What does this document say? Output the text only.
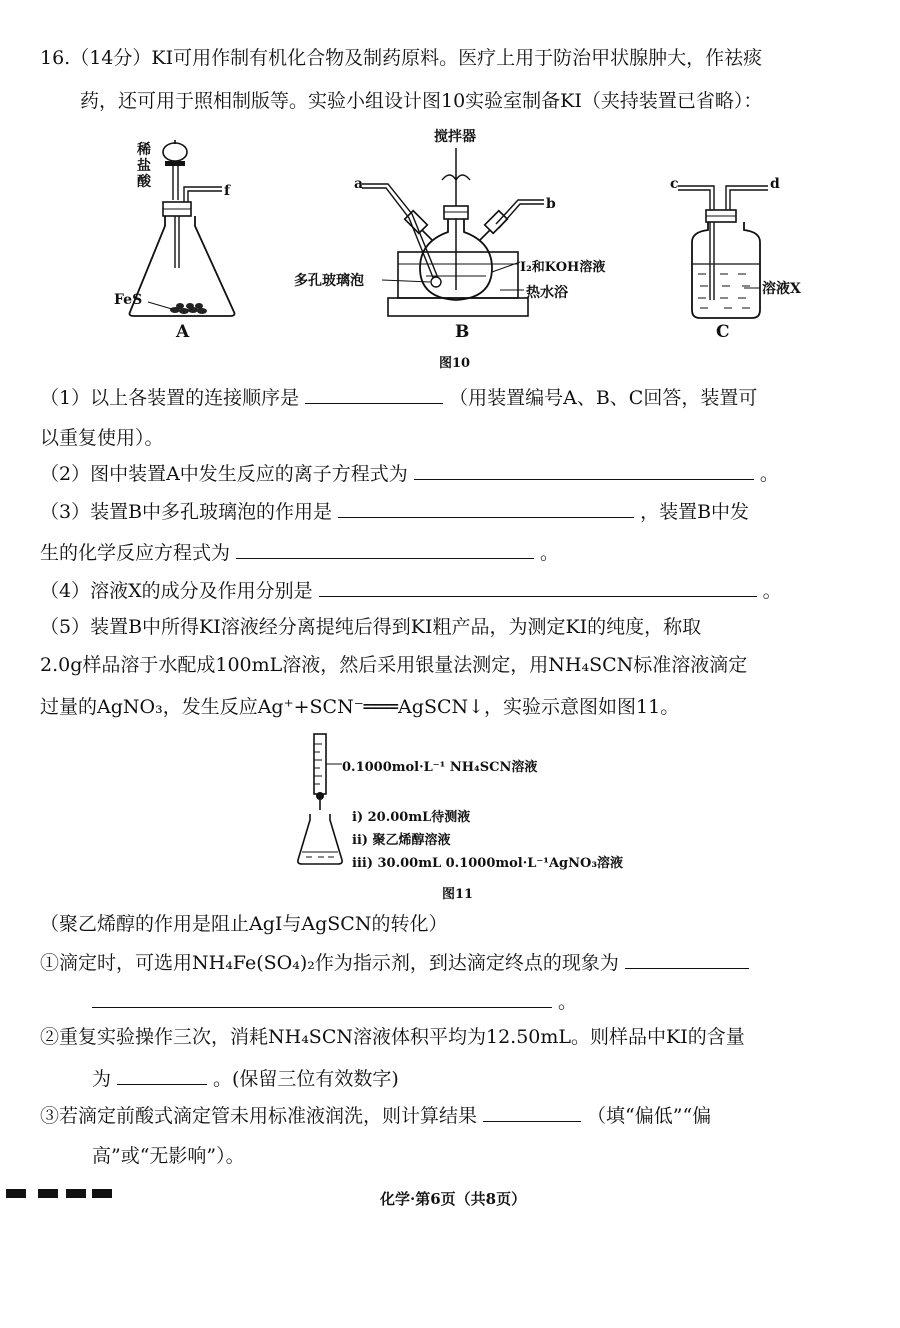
16.（14分）KI可用作制有机化合物及制药原料。医疗上用于防治甲状腺肿大，作祛痰
药，还可用于照相制版等。实验小组设计图10实验室制备KI（夹持装置已省略）：
稀盐酸
f
FeS
A
搅拌器
a
b
多孔玻璃泡
I₂和KOH溶液
热水浴
B
c	d
溶液X
C
图10
（1）以上各装置的连接顺序是	（用装置编号A、B、C回答，装置可
以重复使用）。
（2）图中装置A中发生反应的离子方程式为	。
（3）装置B中多孔玻璃泡的作用是	，装置B中发
生的化学反应方程式为	。
（4）溶液X的成分及作用分别是	。
（5）装置B中所得KI溶液经分离提纯后得到KI粗产品，为测定KI的纯度，称取
2.0g样品溶于水配成100mL溶液，然后采用银量法测定，用NH₄SCN标准溶液滴定
过量的AgNO₃，发生反应Ag⁺+SCN⁻═══AgSCN↓，实验示意图如图11。
0.1000mol·L⁻¹ NH₄SCN溶液
ⅰ) 20.00mL待测液
ⅱ) 聚乙烯醇溶液
ⅲ) 30.00mL 0.1000mol·L⁻¹AgNO₃溶液
图11
（聚乙烯醇的作用是阻止AgI与AgSCN的转化）
①滴定时，可选用NH₄Fe(SO₄)₂作为指示剂，到达滴定终点的现象为
。
②重复实验操作三次，消耗NH₄SCN溶液体积平均为12.50mL。则样品中KI的含量
为	。(保留三位有效数字)
③若滴定前酸式滴定管未用标准液润洗，则计算结果	（填“偏低”“偏
高”或“无影响”）。
化学·第6页（共8页）
